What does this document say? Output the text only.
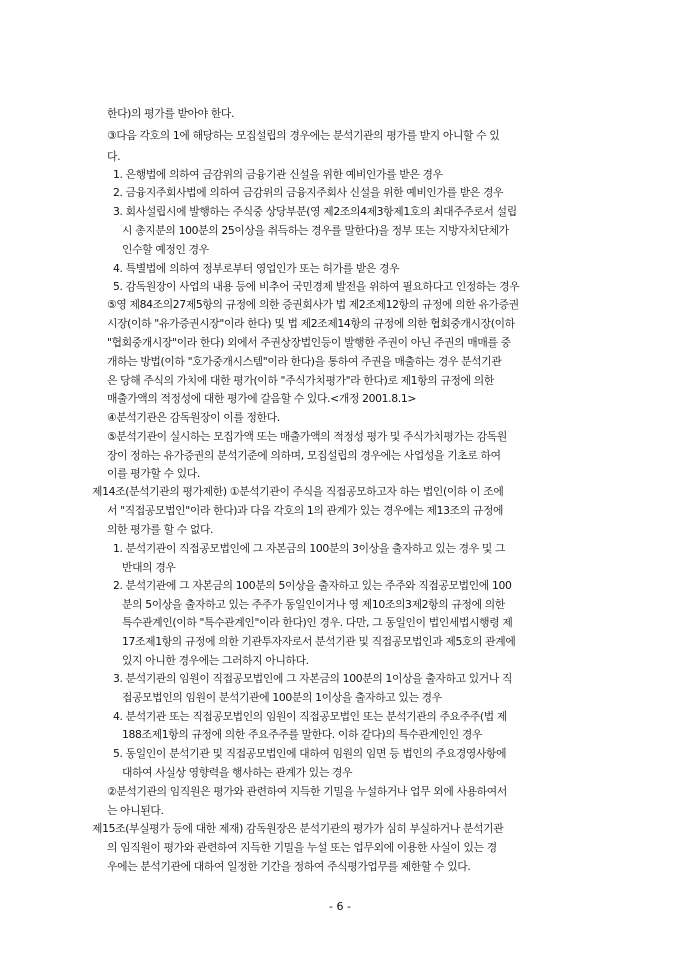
한다)의 평가를 받아야 한다.
③다음 각호의 1에 해당하는 모집설립의 경우에는 분석기관의 평가를 받지 아니할 수 있
다.
1. 은행법에 의하여 금감위의 금융기관 신설을 위한 예비인가를 받은 경우
2. 금융지주회사법에 의하여 금감위의 금융지주회사 신설을 위한 예비인가를 받은 경우
3. 회사설립시에 발행하는 주식중 상당부분(영 제2조의4제3항제1호의 최대주주로서 설립
시 총지분의 100분의 25이상을 취득하는 경우를 말한다)을 정부 또는 지방자치단체가
인수할 예정인 경우
4. 특별법에 의하여 정부로부터 영업인가 또는 허가를 받은 경우
5. 감독원장이 사업의 내용 등에 비추어 국민경제 발전을 위하여 필요하다고 인정하는 경우
⑤영 제84조의27제5항의 규정에 의한 증권회사가 법 제2조제12항의 규정에 의한 유가증권
시장(이하 "유가증권시장"이라 한다) 및 법 제2조제14항의 규정에 의한 협회중개시장(이하
"협회중개시장"이라 한다) 외에서 주권상장법인등이 발행한 주권이 아닌 주권의 매매를 중
개하는 방법(이하 "호가중개시스템"이라 한다)을 통하여 주권을 매출하는 경우 분석기관
은 당해 주식의 가치에 대한 평가(이하 "주식가치평가"라 한다)로 제1항의 규정에 의한
매출가액의 적정성에 대한 평가에 갈음할 수 있다.<개정 2001.8.1>
④분석기관은 감독원장이 이를 정한다.
⑤분석기관이 실시하는 모집가액 또는 매출가액의 적정성 평가 및 주식가치평가는 감독원
장이 정하는 유가증권의 분석기준에 의하며, 모집설립의 경우에는 사업성을 기초로 하여
이를 평가할 수 있다.
제14조(분석기관의 평가제한) ①분석기관이 주식을 직접공모하고자 하는 법인(이하 이 조에
서 "직접공모법인"이라 한다)과 다음 각호의 1의 관계가 있는 경우에는 제13조의 규정에
의한 평가를 할 수 없다.
1. 분석기관이 직접공모법인에 그 자본금의 100분의 3이상을 출자하고 있는 경우 및 그
반대의 경우
2. 분석기관에 그 자본금의 100분의 5이상을 출자하고 있는 주주와 직접공모법인에 100
분의 5이상을 출자하고 있는 주주가 동일인이거나 영 제10조의3제2항의 규정에 의한
특수관계인(이하 "특수관계인"이라 한다)인 경우. 다만, 그 동일인이 법인세법시행령 제
17조제1항의 규정에 의한 기관투자자로서 분석기관 및 직접공모법인과 제5호의 관계에
있지 아니한 경우에는 그러하지 아니하다.
3. 분석기관의 임원이 직접공모법인에 그 자본금의 100분의 1이상을 출자하고 있거나 직
접공모법인의 임원이 분석기관에 100분의 1이상을 출자하고 있는 경우
4. 분석기관 또는 직접공모법인의 임원이 직접공모법인 또는 분석기관의 주요주주(법 제
188조제1항의 규정에 의한 주요주주를 말한다. 이하 같다)의 특수관계인인 경우
5. 동일인이 분석기관 및 직접공모법인에 대하여 임원의 임면 등 법인의 주요경영사항에
대하여 사실상 영향력을 행사하는 관계가 있는 경우
②분석기관의 임직원은 평가와 관련하여 지득한 기밀을 누설하거나 업무 외에 사용하여서
는 아니된다.
제15조(부실평가 등에 대한 제재) 감독원장은 분석기관의 평가가 심히 부실하거나 분석기관
의 임직원이 평가와 관련하여 지득한 기밀을 누설 또는 업무외에 이용한 사실이 있는 경
우에는 분석기관에 대하여 일정한 기간을 정하여 주식평가업무를 제한할 수 있다.
- 6 -
